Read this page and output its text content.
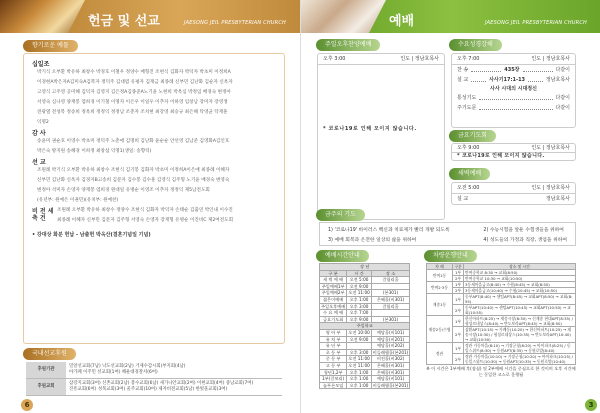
헌금 및 선교	JAESONG JEIL PRESBYTERIAN CHURCH
향기로운 예물
십일조
박기식 오부환 박유하 최창수 박경호 이철우 정양수 배형진 조현식 김화자 박덕자 박초미 이정희A
이경현A박은자A김미숙A김복자 정덕주 김대엽 유평자 김재금 최종례 신부민 김난화 김순자 신옥자
고영식 고주영 공미혜 김덕자 김영지 김은정A김종준A노기윤 노현희 박옥심 박정임 배경숙 변정아
서영숙 심나영 양재봉 염희경 이기철 이명자 이은우 이일우 이추자 이하영 임창남 장미자 장영생
전광열 전성복 정송희 정옥희 정정익 정정남 조춘자 조치현 최강영 최승규 최은해 탁영균 탁재훈
익명2
감 사
송윤미 권순호 이영수 박초미 정덕주 노춘애 김명희 김난화 윤순순 안선영 김남준 김영화A김인호
박은숙 방지원 송혜경 이희정 최창섭 익명1(생일: 송향덕)
선 교
조원례 박기식 오부환 박유하 최창수 조현식 김기봉 김화자 박초미 이정희A이은애 최종례 이혜자
신부민 김난화 신옥자 김경자B고송희 김문자 김수봉 김수훈 김영식 김주형 노기윤 배경숙 변영숙
변정아 석미자 손영자 양재봉 염희경 원대일 유병순 이영조 이추자 정정익 제5남전도회
(유년부: 원예은 이권민)(유치부: 원예찬)
비 전 세 축 건
조원례 오부환 박유하 최창수 정양수 조현식 김화자 박덕자 손태순 김출연 박인내 이수진
최종례 이혜자 신부민 김문자 김주형 서영숙 손영자 장재형 유병순 이진비C 제2여전도회
• 강대상 화분 헌납 - 남출헌 박옥산(결혼기념일 기념)
국내선교후원
후원기관	밀알선교회(7남) 낙도선교회(2남) 거제수감시회(부지회(4남)
아가페 이주민 선교회(1여) 해운대경찰서(6여)

후원교회	삼강지교회(3여) 신촌교회(2남) 봉수교회(6남) 새가나안교회(2여) 이현교회(4여) 중남교회(7여)
진흥교회(6여) 성북교회(3여) 울주교회(10여) 제자비전교회(5남) 한빛울교회(3여)
6
예배	JAESONG JEIL PRESBYTERIAN CHURCH
주일오후찬양예배
오후 3:00	인도 | 정남호목사
* 코로나19로 인해 모이지 않습니다.
수요성경강해
오후 7:00	인도 | 정남호목사
찬 송	435장	다같이
설 교	사사기17:1-13	정남호목사
사사 시대의 시대정신
통성기도	다같이
주기도문	다같이
금요기도회
오후 9:00	인도 | 정남호목사
* 코로나19로 인해 모이지 않습니다.
새벽예배
오전 5:00	인도 | 정남호목사
설 교	정남호목사
금주의 기도
1) '코로나19' 바이러스 백신과 치료제가 빨리 개발 되도록	2) 수능시험을 앞둔 수험생들을 위하여
3) 예배 회복과 온전한 일상의 삶을 위하여	4) 성도들의 가정과 직장, 생업을 위하여
예배시간안내
장 년		
구 분	시 간	장 소
새 벽 예 배	오전 5:00	갈릴리홀
주일예배1부	오전 9:00	
주일예배2부	오전 11:00	(본301)
젊은이예배	오후 1:00	은혜홀(비301)
주일오후예배	오후 3:00	갈릴리홀
수 요 예 배	오후 7:00	
금요기도회	오후 9:00	(본301)
주일학교		
영 아 부	오전 10:00	예담홀(비101)
유 치 부	오전 9:00	예담홀(비201)
유 년 부		예담홀(비202)
초 등 부	오후 3:00	비들레헴홀(본201)
중 등 부	오전 11:00	비전홀(비302)
고 등 부	오전 11:00	은혜홀(비301)
청년1,2부	오후 1:00	은혜홀(비301)
1부(갈보리)	오후 1:00	예담홀(비101)
늘푸른모임	오후 1:00	비들레헴홀(본201)
차량운행안내
차 례	구분	장소 및 시간
반여1동	1부	반여중학교 8:30 → 교회(8:50)
	2부	반여중학교 10:30 → 교회(10:50)
반여2·3동	1부	3동새마을금고(8:40) → 수협(8:45) → 교회(8:50)
	2부	3동새마을금고(10:40) → 수협(10:45) → 교회(10:50)
재송1동	1부	동부APT(8:40) → 센텀APT(8:45) → 교회APT(8:50) → 교회(8:55)
	2부	동부APT(10:40) → 센텀APT(10:45) → 교회APT(10:50) → 교회(10:55)
재송2동/수영	1부	한신아파트(8:25) → 재송시장(8:30) → 신재송 현대APT(8:35) / 협성르네상스(8:40) → 반도보라APT(8:45) → 교회(8:50)
	2부	삼환APT(10:15) → 가례동(10:20) → 한신아파트(10:25) → 재송시장(10:30) / 협성르네상스(10:35) → 반도보라APT(10:40) → 교회(10:50)
정관	1부	정관 가동마을(8:10) → 기장군청(8:20) → 아이파크(8:25) / 동일스위트(8:30) → 동원APT(8:35) → 동원로얄(8:40)
	2부	정관 가동마을(10:10) → 기장군청(10:20) → 아이파크(10:25) / 동일스위트(10:30) → 동원APT(10:35) → 동원로얄(10:40)
※ 이 시간은 1부예배 후(점심) 및 2부예배 시간을 중심으로 한 것이며 오후 시간에는 동일한 코스로 운행됨
3
